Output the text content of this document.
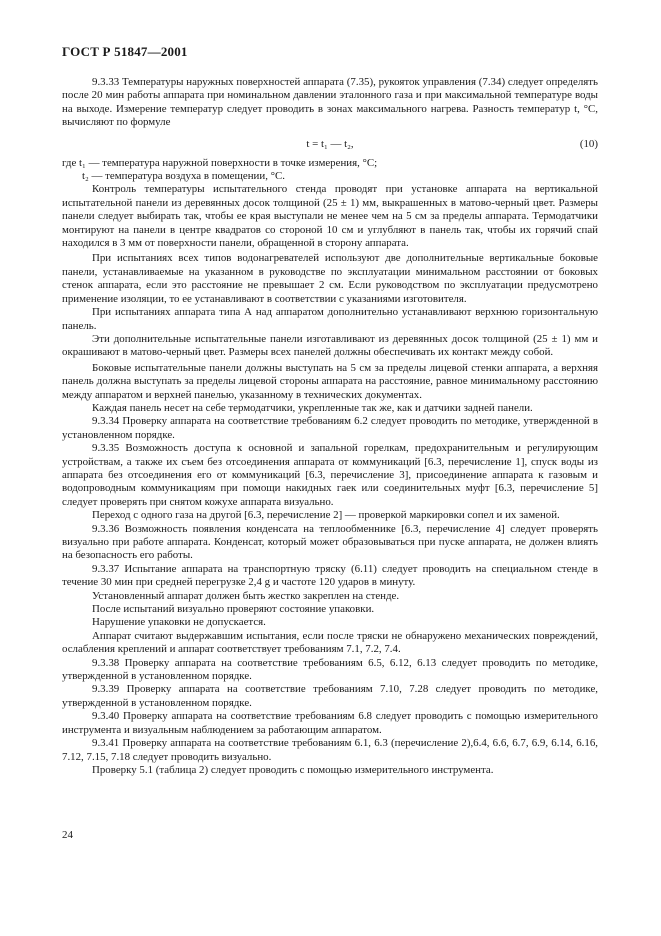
ГОСТ Р 51847—2001

9.3.33 Температуры наружных поверхностей аппарата (7.35), рукояток управления (7.34) следует определять после 20 мин работы аппарата при номинальном давлении эталонного газа и при максимальной температуре воды на выходе. Измерение температур следует проводить в зонах максимального нагрева. Разность температур t, °С, вычисляют по формуле

t = t₁ — t₂,	(10)

где t₁ — температура наружной поверхности в точке измерения, °С;

t₂ — температура воздуха в помещении, °С.

Контроль температуры испытательного стенда проводят при установке аппарата на вертикальной испытательной панели из деревянных досок толщиной (25 ± 1) мм, выкрашенных в матово-черный цвет. Размеры панели следует выбирать так, чтобы ее края выступали не менее чем на 5 см за пределы аппарата. Термодатчики монтируют на панели в центре квадратов со стороной 10 см и углубляют в панель так, чтобы их горячий спай находился в 3 мм от поверхности панели, обращенной в сторону аппарата.

При испытаниях всех типов водонагревателей используют две дополнительные вертикальные боковые панели, устанавливаемые на указанном в руководстве по эксплуатации минимальном расстоянии от боковых стенок аппарата, если это расстояние не превышает 2 см. Если руководством по эксплуатации предусмотрено применение изоляции, то ее устанавливают в соответствии с указаниями изготовителя.

При испытаниях аппарата типа А над аппаратом дополнительно устанавливают верхнюю горизонтальную панель.

Эти дополнительные испытательные панели изготавливают из деревянных досок толщиной (25 ± 1) мм и окрашивают в матово-черный цвет. Размеры всех панелей должны обеспечивать их контакт между собой.

Боковые испытательные панели должны выступать на 5 см за пределы лицевой стенки аппарата, а верхняя панель должна выступать за пределы лицевой стороны аппарата на расстояние, равное минимальному расстоянию между аппаратом и верхней панелью, указанному в технических документах.

Каждая панель несет на себе термодатчики, укрепленные так же, как и датчики задней панели.

9.3.34 Проверку аппарата на соответствие требованиям 6.2 следует проводить по методике, утвержденной в установленном порядке.

9.3.35 Возможность доступа к основной и запальной горелкам, предохранительным и регулирующим устройствам, а также их съем без отсоединения аппарата от коммуникаций [6.3, перечисление 1], спуск воды из аппарата без отсоединения его от коммуникаций [6.3, перечисление 3], присоединение аппарата к газовым и водопроводным коммуникациям при помощи накидных гаек или соединительных муфт [6.3, перечисление 5] следует проверять при снятом кожухе аппарата визуально.

Переход с одного газа на другой [6.3, перечисление 2] — проверкой маркировки сопел и их заменой.

9.3.36 Возможность появления конденсата на теплообменнике [6.3, перечисление 4] следует проверять визуально при работе аппарата. Конденсат, который может образовываться при пуске аппарата, не должен влиять на безопасность его работы.

9.3.37 Испытание аппарата на транспортную тряску (6.11) следует проводить на специальном стенде в течение 30 мин при средней перегрузке 2,4 g и частоте 120 ударов в минуту.

Установленный аппарат должен быть жестко закреплен на стенде.

После испытаний визуально проверяют состояние упаковки.

Нарушение упаковки не допускается.

Аппарат считают выдержавшим испытания, если после тряски не обнаружено механических повреждений, ослабления креплений и аппарат соответствует требованиям 7.1, 7.2, 7.4.

9.3.38 Проверку аппарата на соответствие требованиям 6.5, 6.12, 6.13 следует проводить по методике, утвержденной в установленном порядке.

9.3.39 Проверку аппарата на соответствие требованиям 7.10, 7.28 следует проводить по методике, утвержденной в установленном порядке.

9.3.40 Проверку аппарата на соответствие требованиям 6.8 следует проводить с помощью измерительного инструмента и визуальным наблюдением за работающим аппаратом.

9.3.41 Проверку аппарата на соответствие требованиям 6.1, 6.3 (перечисление 2),6.4, 6.6, 6.7, 6.9, 6.14, 6.16, 7.12, 7.15, 7.18 следует проводить визуально.

Проверку 5.1 (таблица 2) следует проводить с помощью измерительного инструмента.

24
